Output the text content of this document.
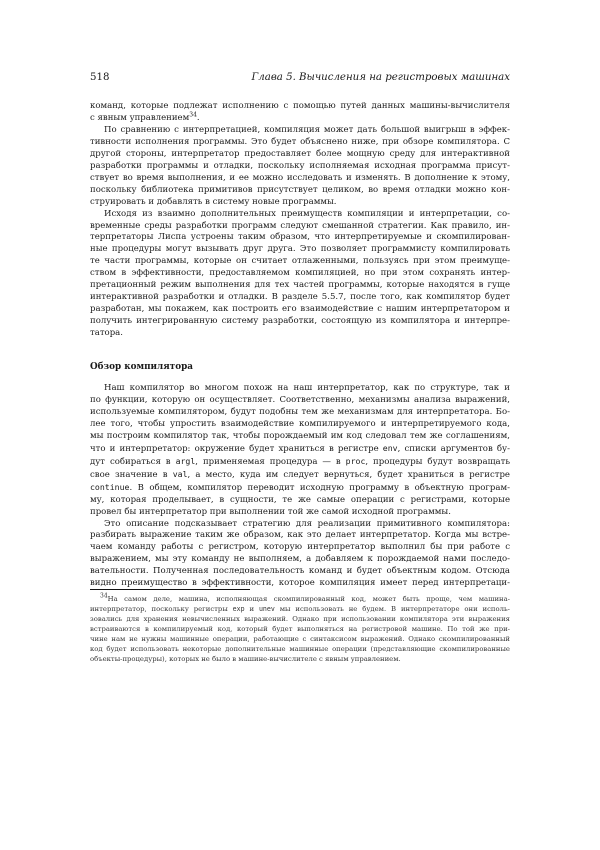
518	Глава 5. Вычисления на регистровых машинах

команд, которые подлежат исполнению с помощью путей данных машины-вычислителя
с явным управлением$^{34}$.

По сравнению с интерпретацией, компиляция может дать большой выигрыш в эффек-
тивности исполнения программы. Это будет объяснено ниже, при обзоре компилятора. С
другой стороны, интерпретатор предоставляет более мощную среду для интерактивной
разработки программы и отладки, поскольку исполняемая исходная программа присут-
ствует во время выполнения, и ее можно исследовать и изменять. В дополнение к этому,
поскольку библиотека примитивов присутствует целиком, во время отладки можно кон-
струировать и добавлять в систему новые программы.

Исходя из взаимно дополнительных преимуществ компиляции и интерпретации, со-
временные среды разработки программ следуют смешанной стратегии. Как правило, ин-
терпретаторы Лиспа устроены таким образом, что интерпретируемые и скомпилирован-
ные процедуры могут вызывать друг друга. Это позволяет программисту компилировать
те части программы, которые он считает отлаженными, пользуясь при этом преимуще-
ством в эффективности, предоставляемом компиляцией, но при этом сохранять интер-
претационный режим выполнения для тех частей программы, которые находятся в гуще
интерактивной разработки и отладки. В разделе 5.5.7, после того, как компилятор будет
разработан, мы покажем, как построить его взаимодействие с нашим интерпретатором и
получить интегрированную систему разработки, состоящую из компилятора и интерпре-
татора.

Обзор компилятора

Наш компилятор во многом похож на наш интерпретатор, как по структуре, так и
по функции, которую он осуществляет. Соответственно, механизмы анализа выражений,
используемые компилятором, будут подобны тем же механизмам для интерпретатора. Бо-
лее того, чтобы упростить взаимодействие компилируемого и интерпретируемого кода,
мы построим компилятор так, чтобы порождаемый им код следовал тем же соглашениям,
что и интерпретатор: окружение будет храниться в регистре env, списки аргументов бу-
дут собираться в argl, применяемая процедура — в proc, процедуры будут возвращать
свое значение в val, а место, куда им следует вернуться, будет храниться в регистре
continue. В общем, компилятор переводит исходную программу в объектную програм-
му, которая проделывает, в сущности, те же самые операции с регистрами, которые
провел бы интерпретатор при выполнении той же самой исходной программы.

Это описание подсказывает стратегию для реализации примитивного компилятора:
разбирать выражение таким же образом, как это делает интерпретатор. Когда мы встре-
чаем команду работы с регистром, которую интерпретатор выполнил бы при работе с
выражением, мы эту команду не выполняем, а добавляем к порождаемой нами последо-
вательности. Полученная последовательность команд и будет объектным кодом. Отсюда
видно преимущество в эффективности, которое компиляция имеет перед интерпретаци-

$^{34}$На самом деле, машина, исполняющая скомпилированный код, может быть проще, чем машина-
интерпретатор, поскольку регистры exp и unev мы использовать не будем. В интерпретаторе они исполь-
зовались для хранения невычисленных выражений. Однако при использовании компилятора эти выражения
встраиваются в компилируемый код, который будет выполняться на регистровой машине. По той же при-
чине нам не нужны машинные операции, работающие с синтаксисом выражений. Однако скомпилированный
код будет использовать некоторые дополнительные машинные операции (представляющие скомпилированные
объекты-процедуры), которых не было в машине-вычислителе с явным управлением.
